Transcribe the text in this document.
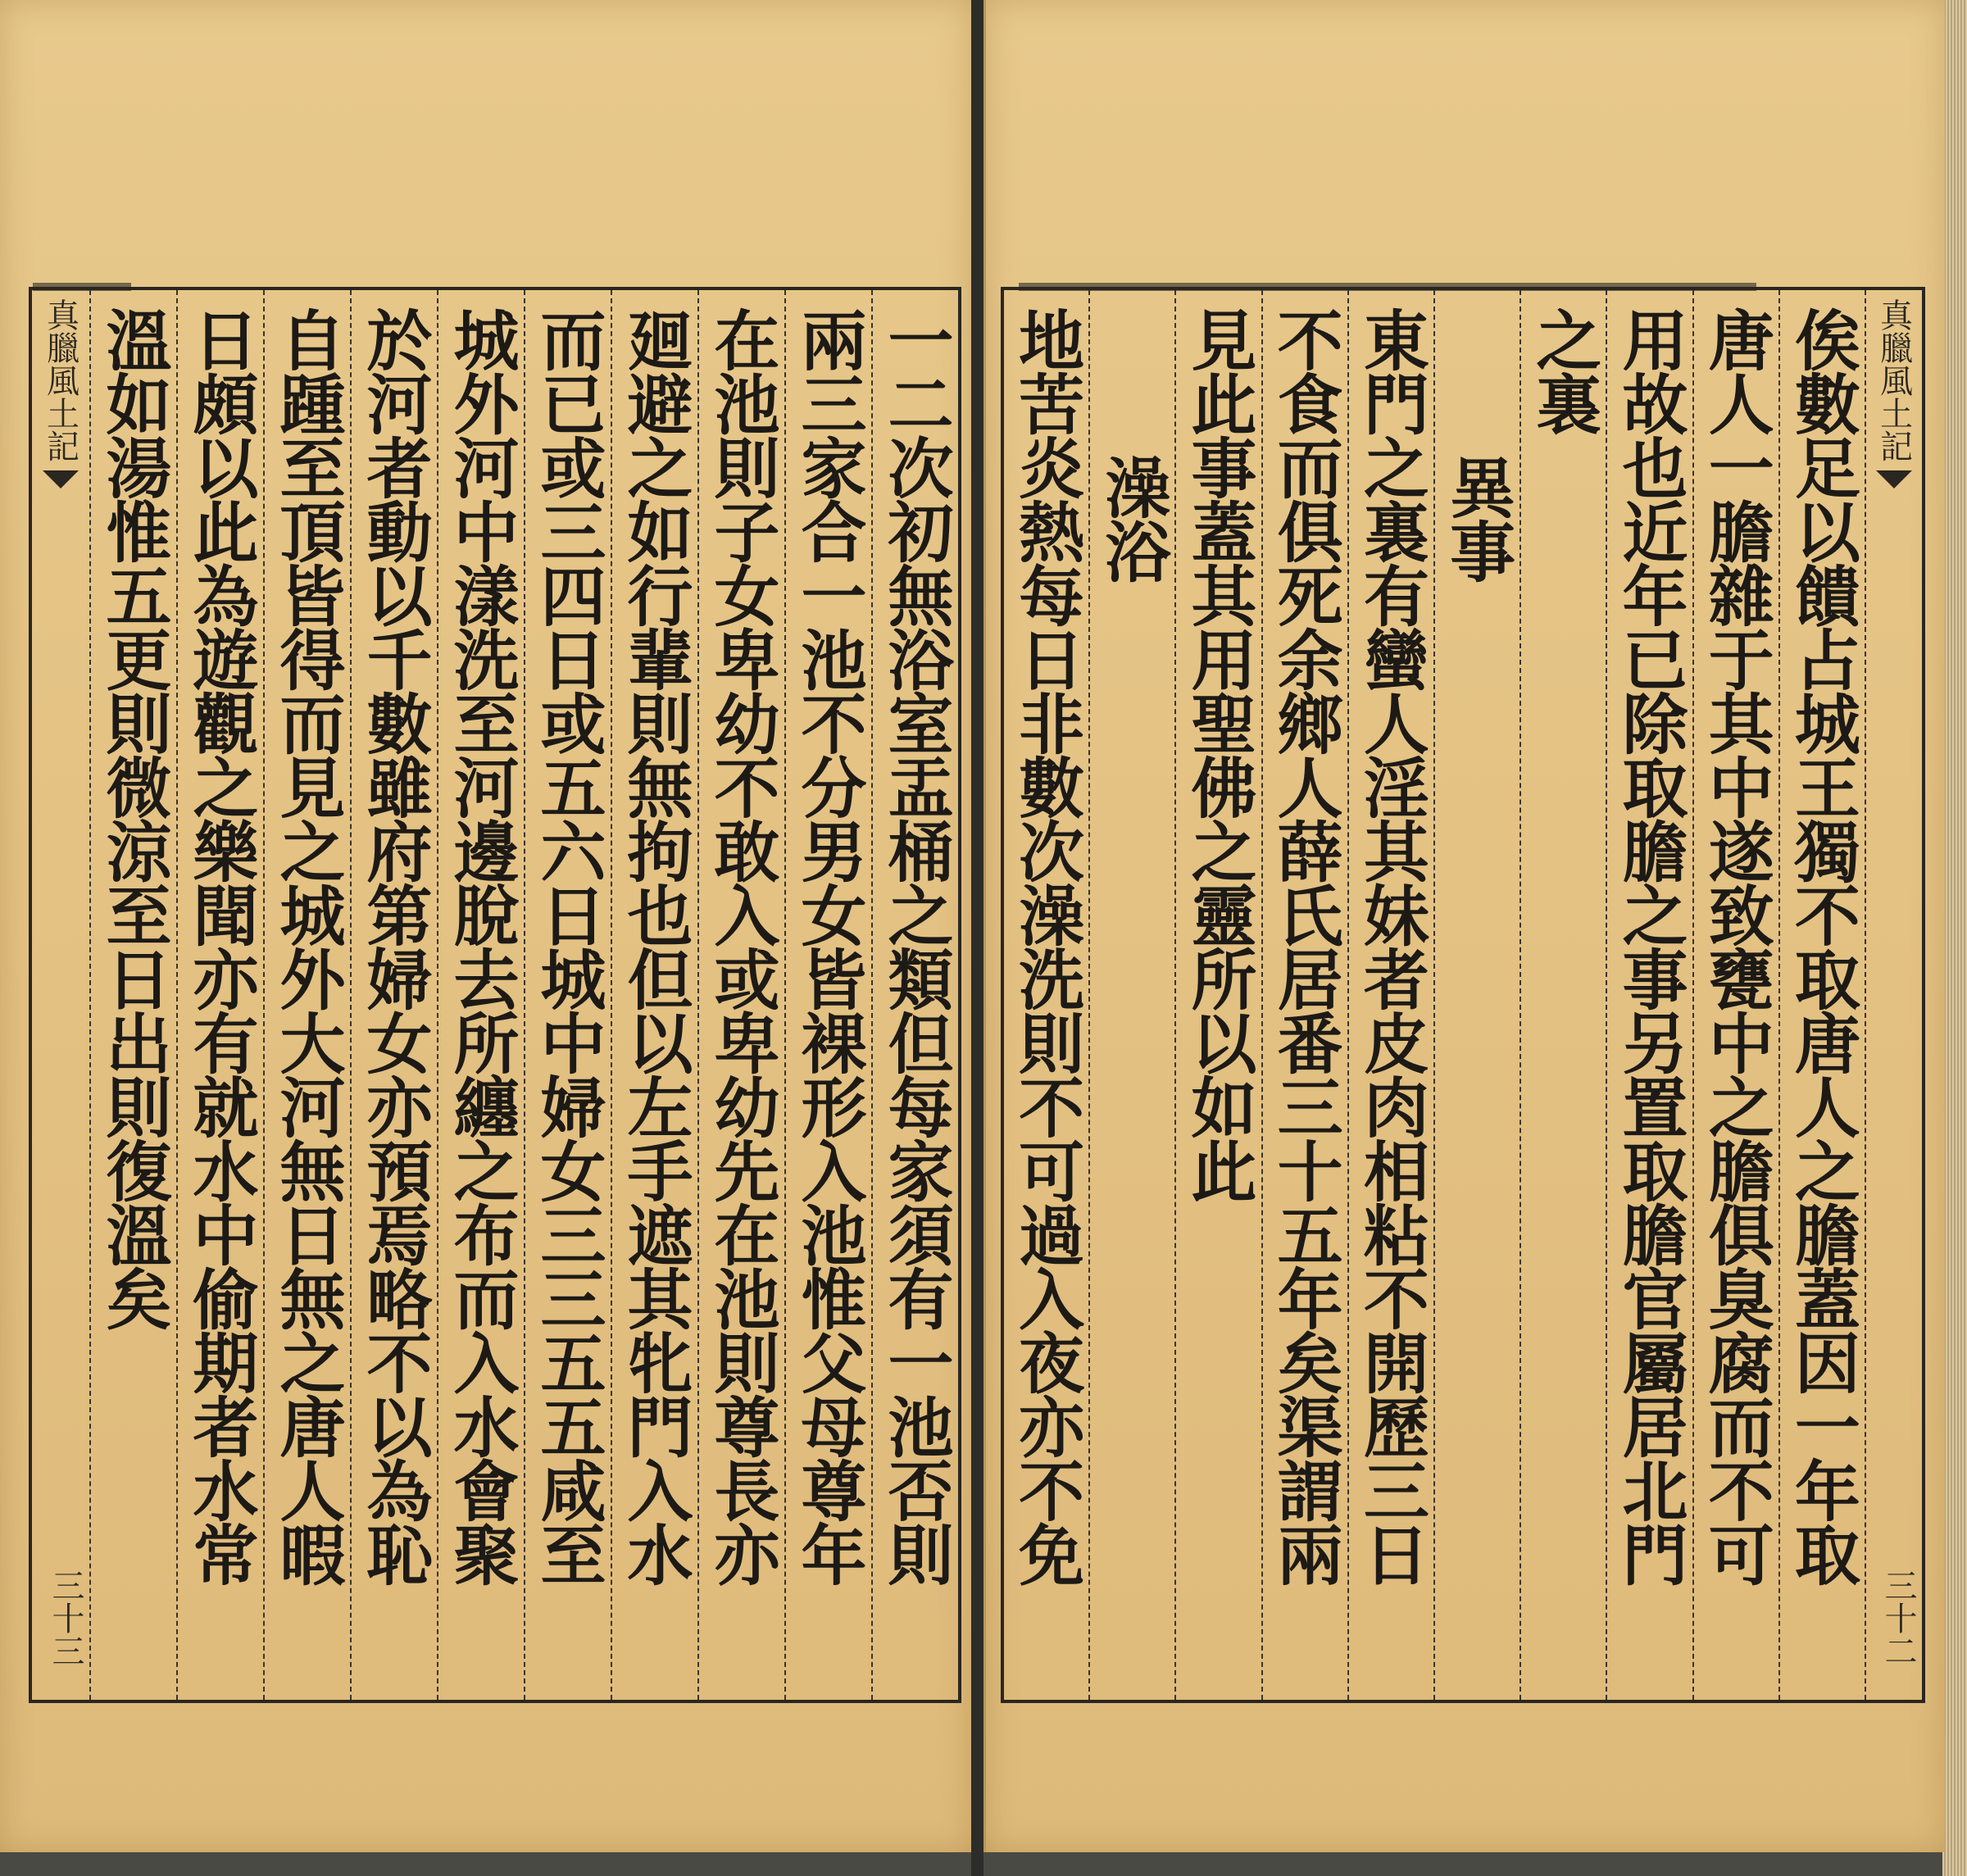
一二次初無浴室盂桶之類但每家須有一池否則
兩三家合一池不分男女皆裸形入池惟父母尊年
在池則子女卑幼不敢入或卑幼先在池則尊長亦
廻避之如行輩則無拘也但以左手遮其牝門入水
而已或三四日或五六日城中婦女三三五五咸至
城外河中漾洗至河邊脫去所纏之布而入水會聚
於河者動以千數雖府第婦女亦預焉略不以為恥
自踵至頂皆得而見之城外大河無日無之唐人暇
日頗以此為遊觀之樂聞亦有就水中偷期者水常
溫如湯惟五更則微涼至日出則復溫矣
真臘風土記
三十三
真臘風土記
三十二
俟數足以饋占城王獨不取唐人之膽蓋因一年取
唐人一膽雜于其中遂致甕中之膽俱臭腐而不可
用故也近年已除取膽之事另置取膽官屬居北門
之裏
異事
東門之裏有蠻人淫其妹者皮肉相粘不開歷三日
不食而俱死余鄉人薛氏居番三十五年矣渠謂兩
見此事蓋其用聖佛之靈所以如此
澡浴
地苦炎熱每日非數次澡洗則不可過入夜亦不免
